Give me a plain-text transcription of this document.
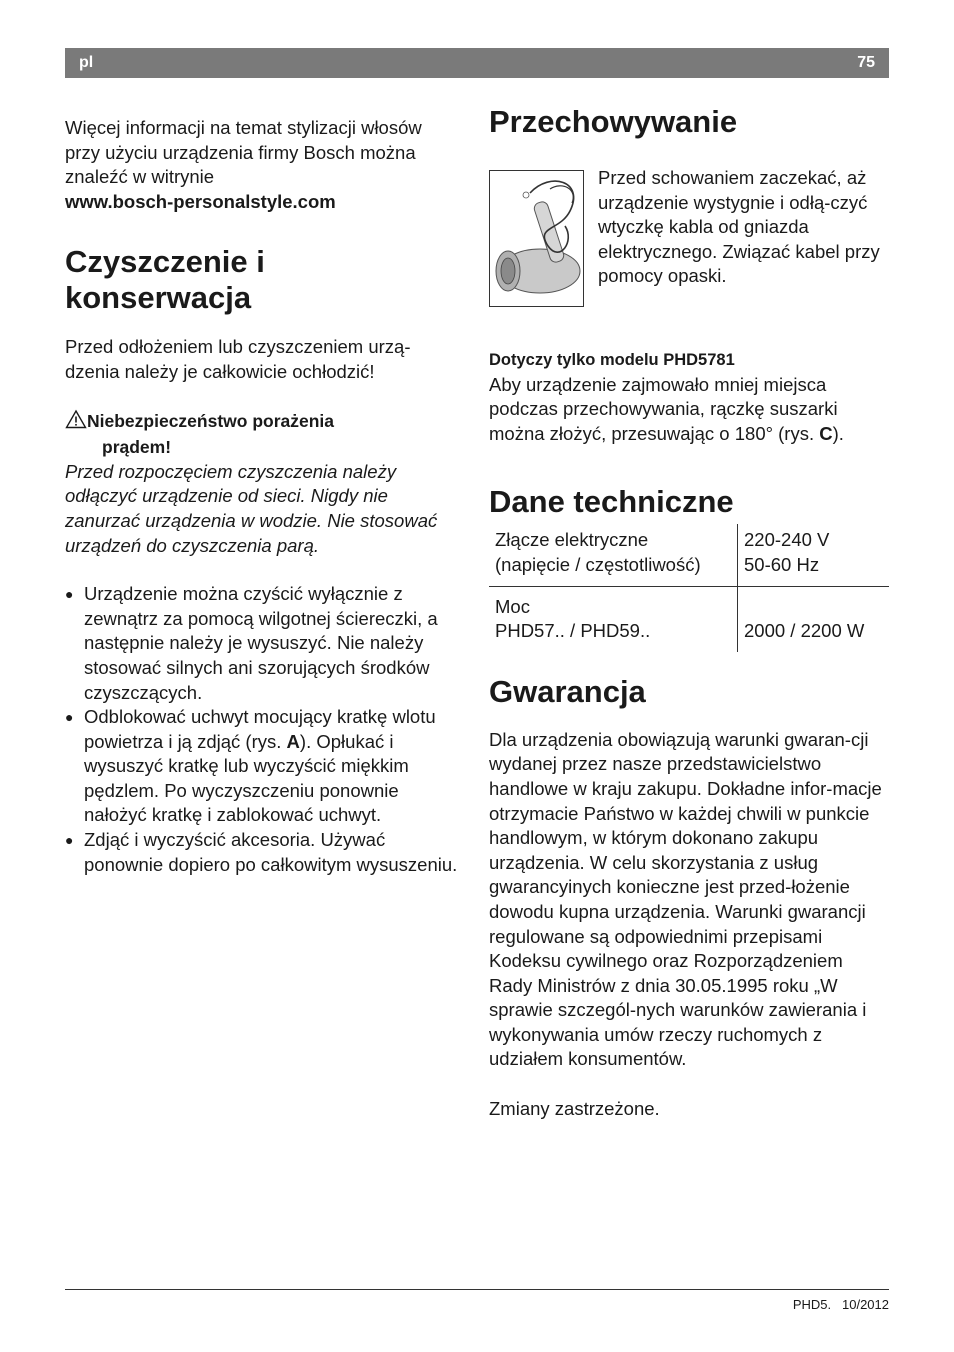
pl	75

Więcej informacji na temat stylizacji włosów przy użyciu urządzenia firmy Bosch można znaleźć w witrynie

www.bosch-personalstyle.com

Czyszczenie i
konserwacja

Przed odłożeniem lub czyszczeniem urzą-dzenia należy je całkowicie ochłodzić!

Niebezpieczeństwo porażenia
prądem!

Przed rozpoczęciem czyszczenia należy odłączyć urządzenie od sieci. Nigdy nie zanurzać urządzenia w wodzie. Nie stosować urządzeń do czyszczenia parą.

● Urządzenie można czyścić wyłącznie z zewnątrz za pomocą wilgotnej ściereczki, a następnie należy je wysuszyć. Nie należy stosować silnych ani szorujących środków czyszczących.
● Odblokować uchwyt mocujący kratkę wlotu powietrza i ją zdjąć (rys. A). Opłukać i wysuszyć kratkę lub wyczyścić miękkim pędzlem. Po wyczyszczeniu ponownie nałożyć kratkę i zablokować uchwyt.
● Zdjąć i wyczyścić akcesoria. Używać ponownie dopiero po całkowitym wysuszeniu.
Przechowywanie

Przed schowaniem zaczekać, aż urządzenie wystygnie i odłą-czyć wtyczkę kabla od gniazda elektrycznego. Związać kabel przy pomocy opaski.

Dotyczy tylko modelu PHD5781

Aby urządzenie zajmowało mniej miejsca podczas przechowywania, rączkę suszarki można złożyć, przesuwając o 180° (rys. C).

Dane techniczne
Złącze elektryczne
(napięcie / częstotliwość)	220-240 V
50-60 Hz
Moc
PHD57.. / PHD59..	2000 / 2200 W
Gwarancja

Dla urządzenia obowiązują warunki gwaran-cji wydanej przez nasze przedstawicielstwo handlowe w kraju zakupu. Dokładne infor-macje otrzymacie Państwo w każdej chwili w punkcie handlowym, w którym dokonano zakupu urządzenia. W celu skorzystania z usług gwarancyinych konieczne jest przed-łożenie dowodu kupna urządzenia. Warunki gwarancji regulowane są odpowiednimi przepisami Kodeksu cywilnego oraz Rozporządzeniem Rady Ministrów z dnia 30.05.1995 roku „W sprawie szczegól-nych warunków zawierania i wykonywania umów rzeczy ruchomych z udziałem konsumentów.

Zmiany zastrzeżone.

PHD5. 10/2012
